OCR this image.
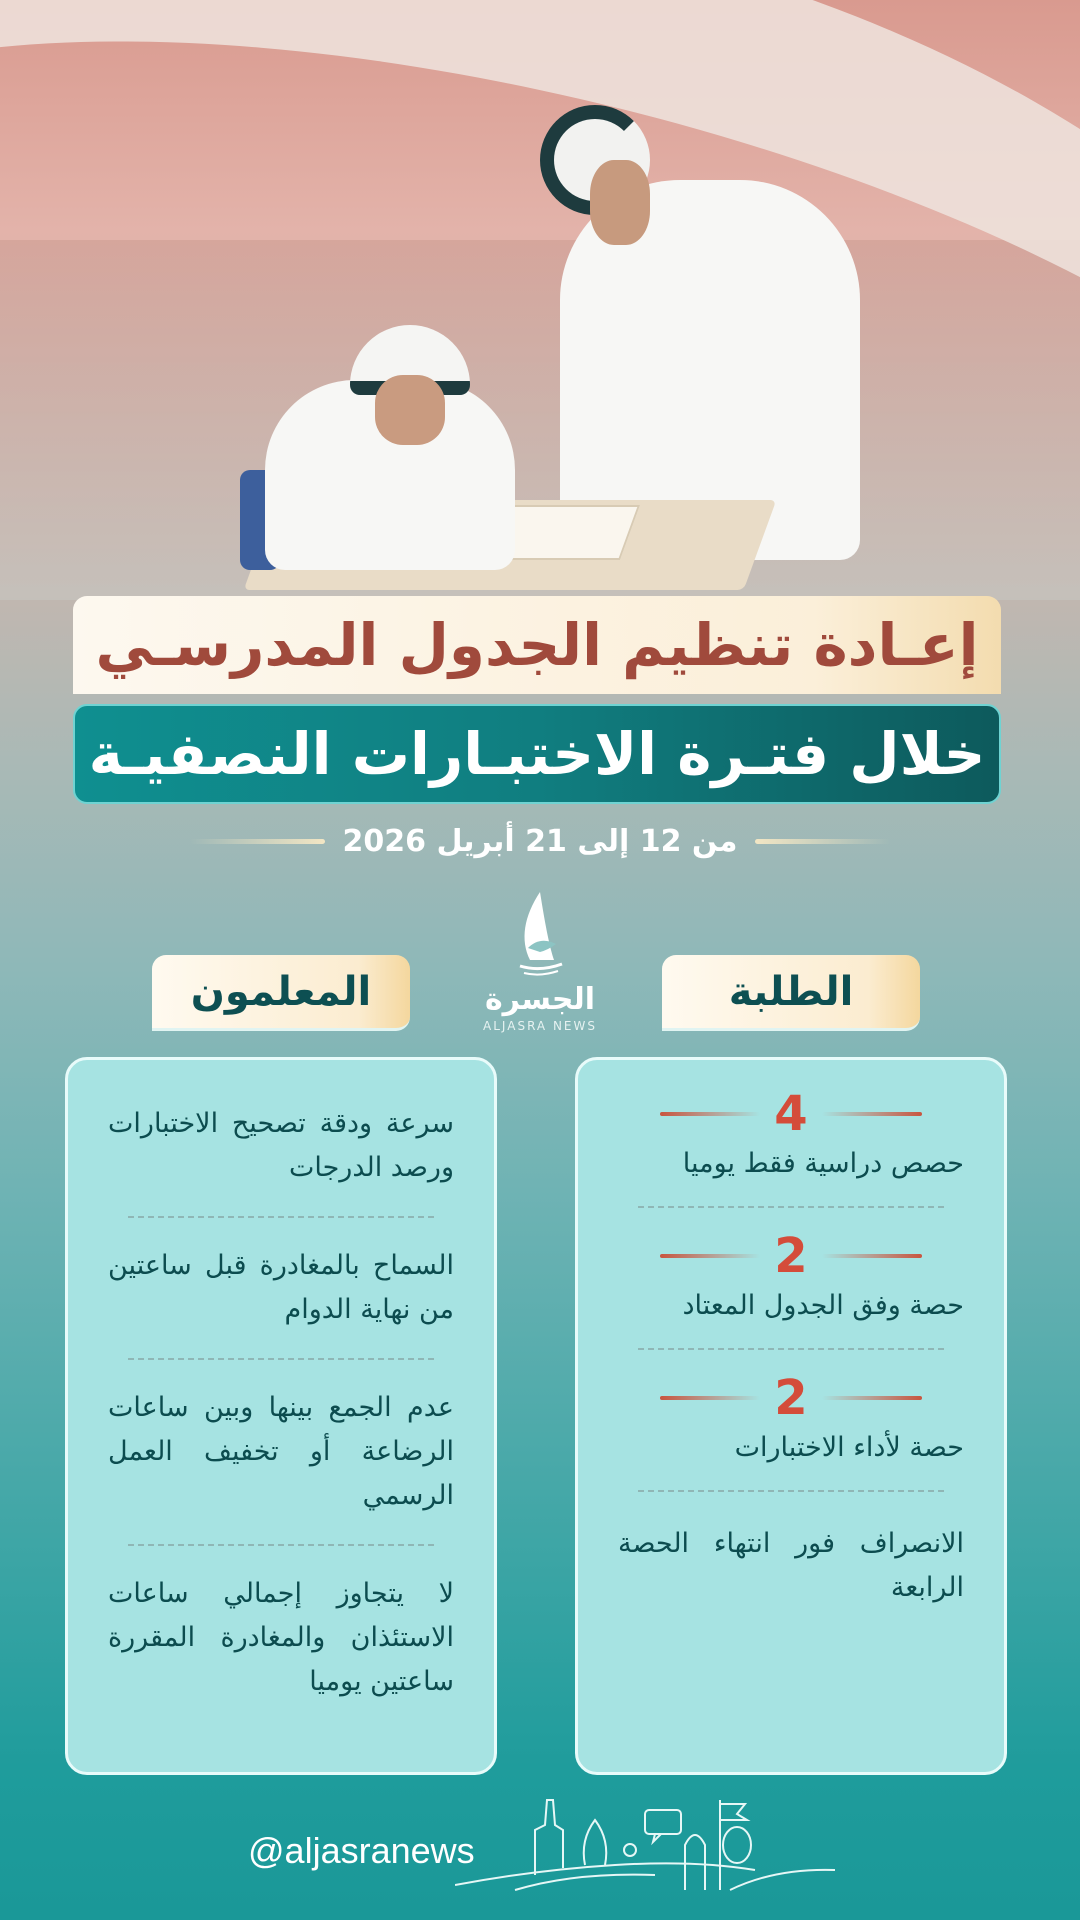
إعـادة تنظيم الجدول المدرسـي
خلال فتـرة الاختبـارات النصفيـة
من 12 إلى 21 أبريل 2026
الجسرة
ALJASRA NEWS
المعلمون	الطلبة
4
حصص دراسية فقط يوميا
2
حصة وفق الجدول المعتاد
2
حصة لأداء الاختبارات
الانصراف فور انتهاء الحصة الرابعة
سرعة ودقة تصحيح الاختبارات ورصد الدرجات
السماح بالمغادرة قبل ساعتين من نهاية الدوام
عدم الجمع بينها وبين ساعات الرضاعة أو تخفيف العمل الرسمي
لا يتجاوز إجمالي ساعات الاستئذان والمغادرة المقررة ساعتين يوميا
@aljasranews
